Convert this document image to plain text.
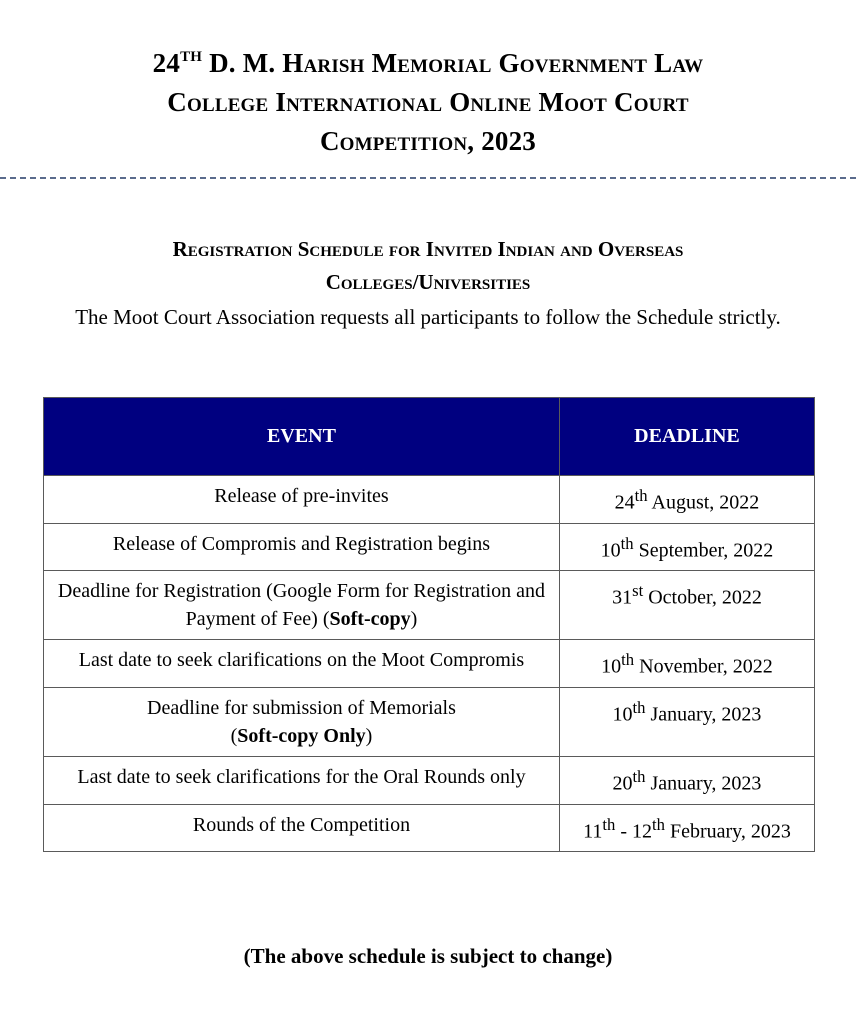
24TH D. M. Harish Memorial Government Law
College International Online Moot Court
Competition, 2023
Registration Schedule for Invited Indian and Overseas
Colleges/Universities
The Moot Court Association requests all participants to follow the Schedule strictly.
EVENT	DEADLINE
Release of pre-invites	24th August, 2022
Release of Compromis and Registration begins	10th September, 2022
Deadline for Registration (Google Form for Registration and Payment of Fee) (Soft-copy)	31st October, 2022
Last date to seek clarifications on the Moot Compromis	10th November, 2022
Deadline for submission of Memorials
(Soft-copy Only)	10th January, 2023
Last date to seek clarifications for the Oral Rounds only	20th January, 2023
Rounds of the Competition	11th - 12th February, 2023
(The above schedule is subject to change)
